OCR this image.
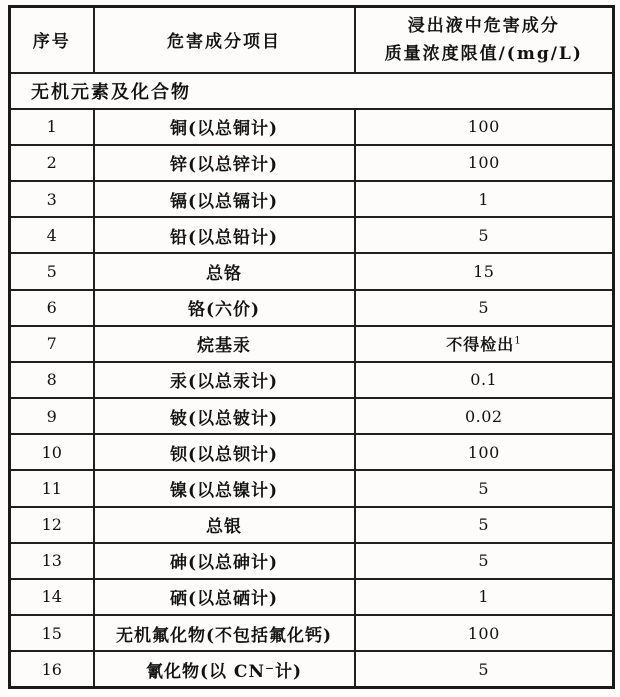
序号	危害成分项目	浸出液中危害成分
质量浓度限值/(mg/L)

无机元素及化合物		
1	铜(以总铜计)	100
2	锌(以总锌计)	100
3	镉(以总镉计)	1
4	铅(以总铅计)	5
5	总铬	15
6	铬(六价)	5
7	烷基汞	不得检出$^1$
8	汞(以总汞计)	0.1
9	铍(以总铍计)	0.02
10	钡(以总钡计)	100
11	镍(以总镍计)	5
12	总银	5
13	砷(以总砷计)	5
14	硒(以总硒计)	1
15	无机氟化物(不包括氟化钙)	100
16	氰化物(以 CN⁻计)	5
